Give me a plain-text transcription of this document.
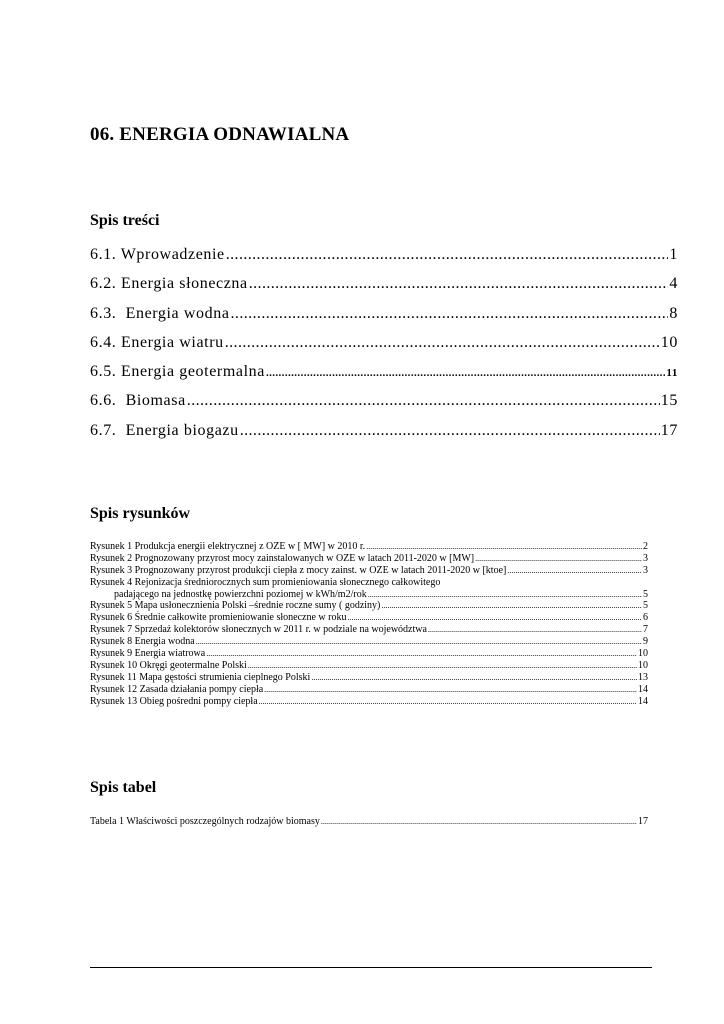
06. ENERGIA ODNAWIALNA
Spis treści
6.1. Wprowadzenie .....	1
6.2. Energia słoneczna .....	4
6.3.  Energia wodna .....	8
6.4. Energia wiatru .....	10
6.5. Energia geotermalna .....	11
6.6.  Biomasa .....	15
6.7.  Energia biogazu .....	17
Spis rysunków
Rysunek 1 Produkcja energii elektrycznej z OZE w [ MW] w 2010 r. .....	2
Rysunek 2 Prognozowany przyrost mocy zainstalowanych w OZE w latach 2011-2020 w [MW] .....	3
Rysunek 3 Prognozowany przyrost produkcji ciepła z mocy zainst. w OZE w latach 2011-2020 w [ktoe] .....	3
Rysunek 4 Rejonizacja średniorocznych sum promieniowania słonecznego całkowitego
padającego na jednostkę powierzchni poziomej w kWh/m2/rok .....	5
Rysunek 5 Mapa usłonecznienia Polski –średnie roczne sumy ( godziny) .....	5
Rysunek 6 Średnie całkowite promieniowanie słoneczne w roku .....	6
Rysunek 7 Sprzedaż kolektorów słonecznych w 2011 r. w podziale na województwa .....	7
Rysunek 8 Energia wodna .....	9
Rysunek 9 Energia wiatrowa .....	10
Rysunek 10 Okręgi geotermalne Polski .....	10
Rysunek 11 Mapa gęstości strumienia cieplnego Polski .....	13
Rysunek 12 Zasada działania pompy ciepła .....	14
Rysunek 13 Obieg pośredni pompy ciepła .....	14
Spis tabel
Tabela 1 Właściwości poszczególnych rodzajów biomasy .....	17
